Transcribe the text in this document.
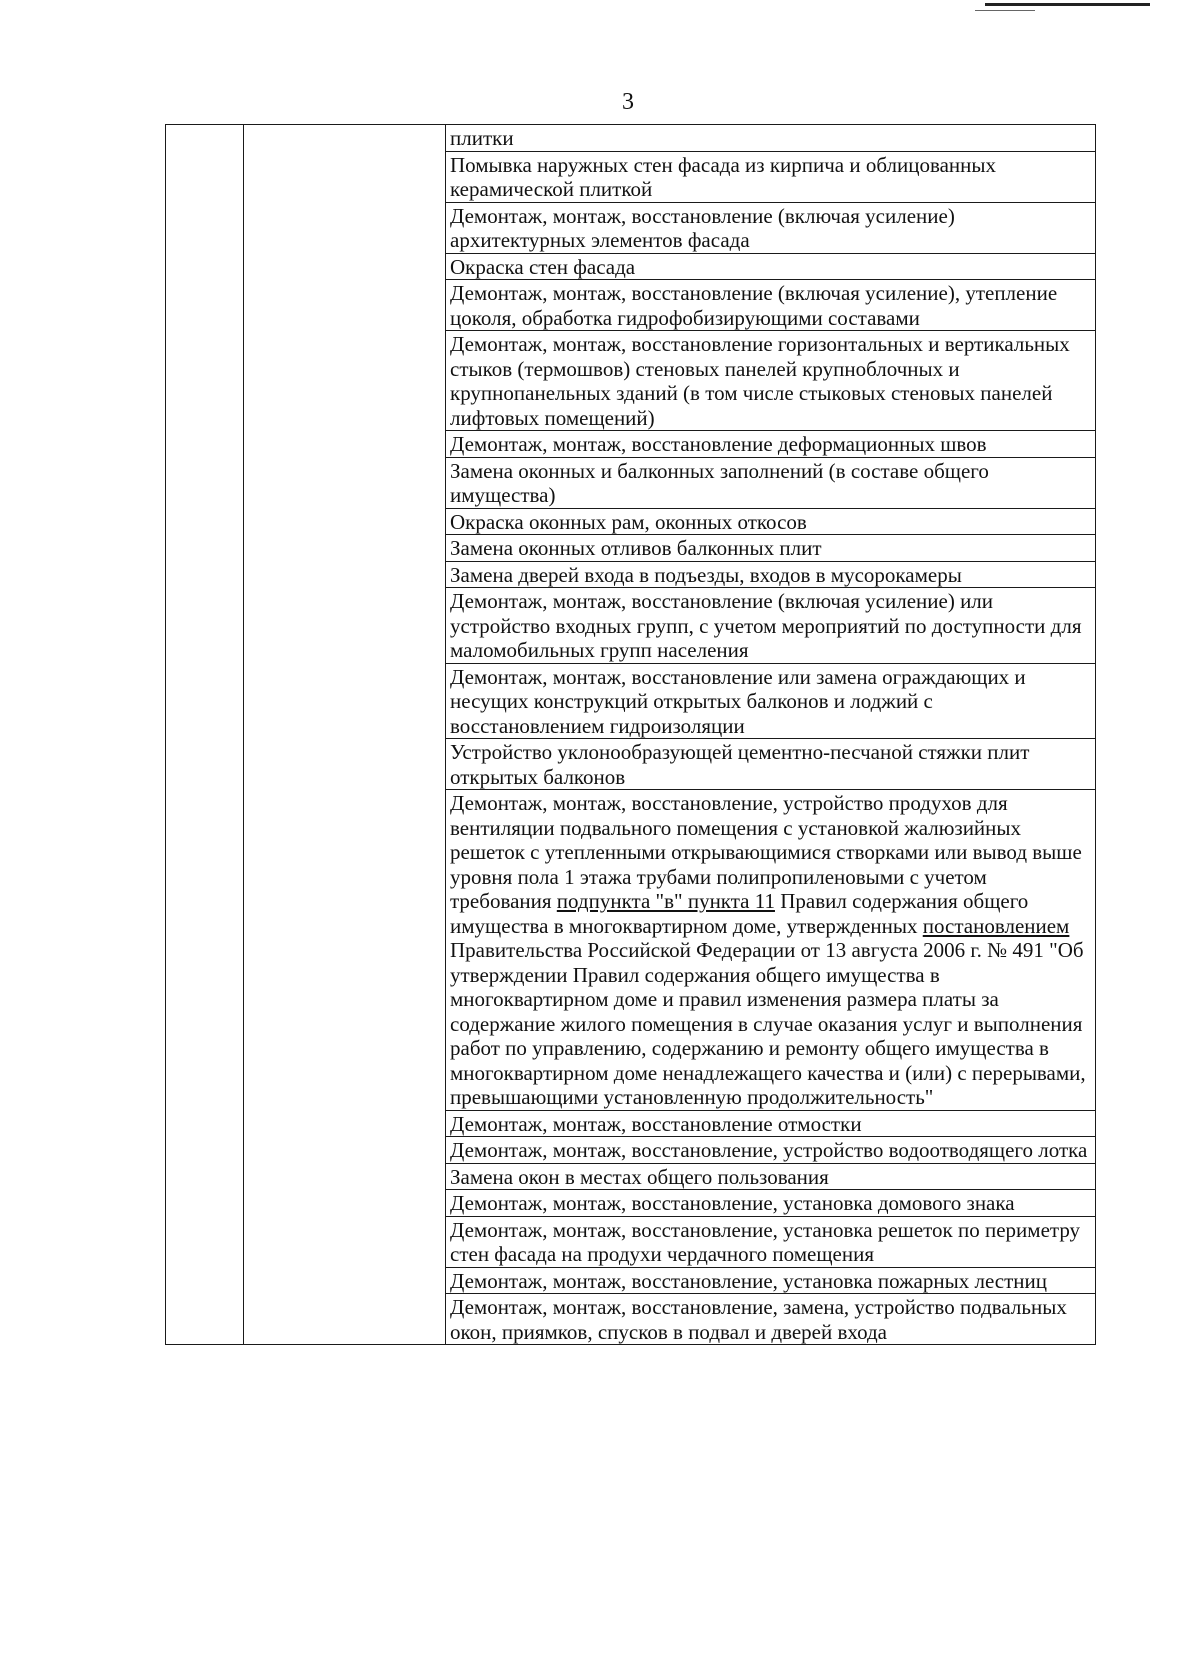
3
		плитки
Помывка наружных стен фасада из кирпича и облицованных керамической плиткой
Демонтаж, монтаж, восстановление (включая усиление) архитектурных элементов фасада
Окраска стен фасада
Демонтаж, монтаж, восстановление (включая усиление), утепление цоколя, обработка гидрофобизирующими составами
Демонтаж, монтаж, восстановление горизонтальных и вертикальных стыков (термошвов) стеновых панелей крупноблочных и крупнопанельных зданий (в том числе стыковых стеновых панелей лифтовых помещений)
Демонтаж, монтаж, восстановление деформационных швов
Замена оконных и балконных заполнений (в составе общего имущества)
Окраска оконных рам, оконных откосов
Замена оконных отливов балконных плит
Замена дверей входа в подъезды, входов в мусорокамеры
Демонтаж, монтаж, восстановление (включая усиление) или устройство входных групп, с учетом мероприятий по доступности для маломобильных групп населения
Демонтаж, монтаж, восстановление или замена ограждающих и несущих конструкций открытых балконов и лоджий с восстановлением гидроизоляции
Устройство уклонообразующей цементно-песчаной стяжки плит открытых балконов
Демонтаж, монтаж, восстановление, устройство продухов для вентиляции подвального помещения с установкой жалюзийных решеток с утепленными открывающимися створками или вывод выше уровня пола 1 этажа трубами полипропиленовыми с учетом требования подпункта "в" пункта 11 Правил содержания общего имущества в многоквартирном доме, утвержденных постановлением Правительства Российской Федерации от 13 августа 2006 г. № 491 "Об утверждении Правил содержания общего имущества в многоквартирном доме и правил изменения размера платы за содержание жилого помещения в случае оказания услуг и выполнения работ по управлению, содержанию и ремонту общего имущества в многоквартирном доме ненадлежащего качества и (или) с перерывами, превышающими установленную продолжительность"
Демонтаж, монтаж, восстановление отмостки
Демонтаж, монтаж, восстановление, устройство водоотводящего лотка
Замена окон в местах общего пользования
Демонтаж, монтаж, восстановление, установка домового знака
Демонтаж, монтаж, восстановление, установка решеток по периметру стен фасада на продухи чердачного помещения
Демонтаж, монтаж, восстановление, установка пожарных лестниц
Демонтаж, монтаж, восстановление, замена, устройство подвальных окон, приямков, спусков в подвал и дверей входа
